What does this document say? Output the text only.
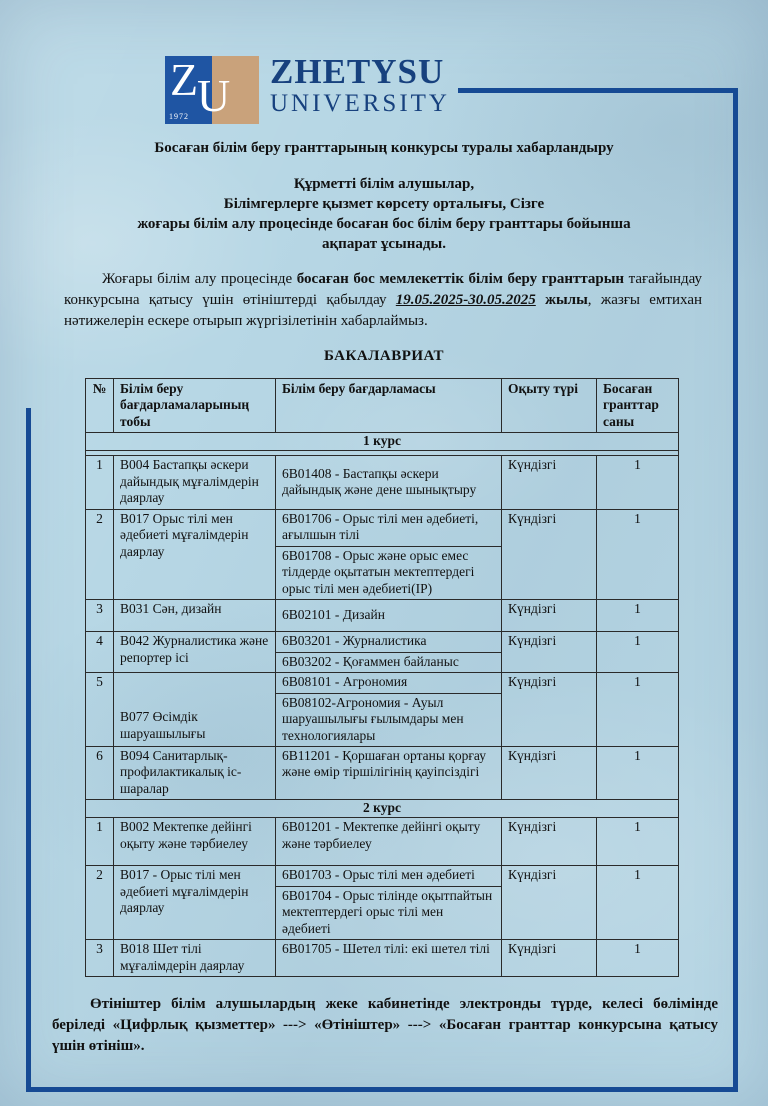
Z
1972 U ZHETYSU
UNIVERSITY
Босаған білім беру гранттарының конкурсы туралы хабарландыру
Құрметті білім алушылар,
Білімгерлерге қызмет көрсету орталығы, Сізге
жоғары білім алу процесінде босаған бос білім беру гранттары бойынша
ақпарат ұсынады.

Жоғары білім алу процесінде босаған бос мемлекеттік білім беру гранттарын тағайындау конкурсына қатысу үшін өтініштерді қабылдау 19.05.2025-30.05.2025 жылы, жазғы емтихан нәтижелерін ескере отырып жүргізілетінін хабарлаймыз.

БАКАЛАВРИАТ
№	Білім беру бағдарламаларының тобы	Білім беру бағдарламасы	Оқыту түрі	Босаған гранттар саны
1 курс				

1	B004 Бастапқы әскери дайындық мұғалімдерін даярлау	6B01408 - Бастапқы әскери дайындық және дене шынықтыру	Күндізгі	1
2	B017 Орыс тілі мен әдебиеті мұғалімдерін даярлау	6B01706 - Орыс тілі мен әдебиеті, ағылшын тілі	Күндізгі	1
		6B01708 - Орыс және орыс емес тілдерде оқытатын мектептердегі орыс тілі мен әдебиеті(IP)		
3	B031 Сән, дизайн	6B02101 - Дизайн	Күндізгі	1
4	B042 Журналистика және репортер ісі	6B03201 - Журналистика	Күндізгі	1
		6B03202 - Қоғаммен байланыс		
5	B077 Өсімдік шаруашылығы	6B08101 - Агрономия	Күндізгі	1
		6B08102-Агрономия - Ауыл шаруашылығы ғылымдары мен технологиялары		
6	B094 Санитарлық-профилактикалық іс-шаралар	6B11201 - Қоршаған ортаны қорғау және өмір тіршілігінің қауіпсіздігі	Күндізгі	1
2 курс				
1	B002 Мектепке дейінгі оқыту және тәрбиелеу	6B01201 - Мектепке дейінгі оқыту және тәрбиелеу	Күндізгі	1
2	B017 - Орыс тілі мен әдебиеті мұғалімдерін даярлау	6B01703 - Орыс тілі мен әдебиеті	Күндізгі	1
		6B01704 - Орыс тілінде оқытпайтын мектептердегі орыс тілі мен әдебиеті		
3	B018 Шет тілі мұғалімдерін даярлау	6B01705 - Шетел тілі: екі шетел тілі	Күндізгі	1

Өтініштер білім алушылардың жеке кабинетінде электронды түрде, келесі бөлімінде беріледі «Цифрлық қызметтер» ---> «Өтініштер» ---> «Босаған гранттар конкурсына қатысу үшін өтініш».
